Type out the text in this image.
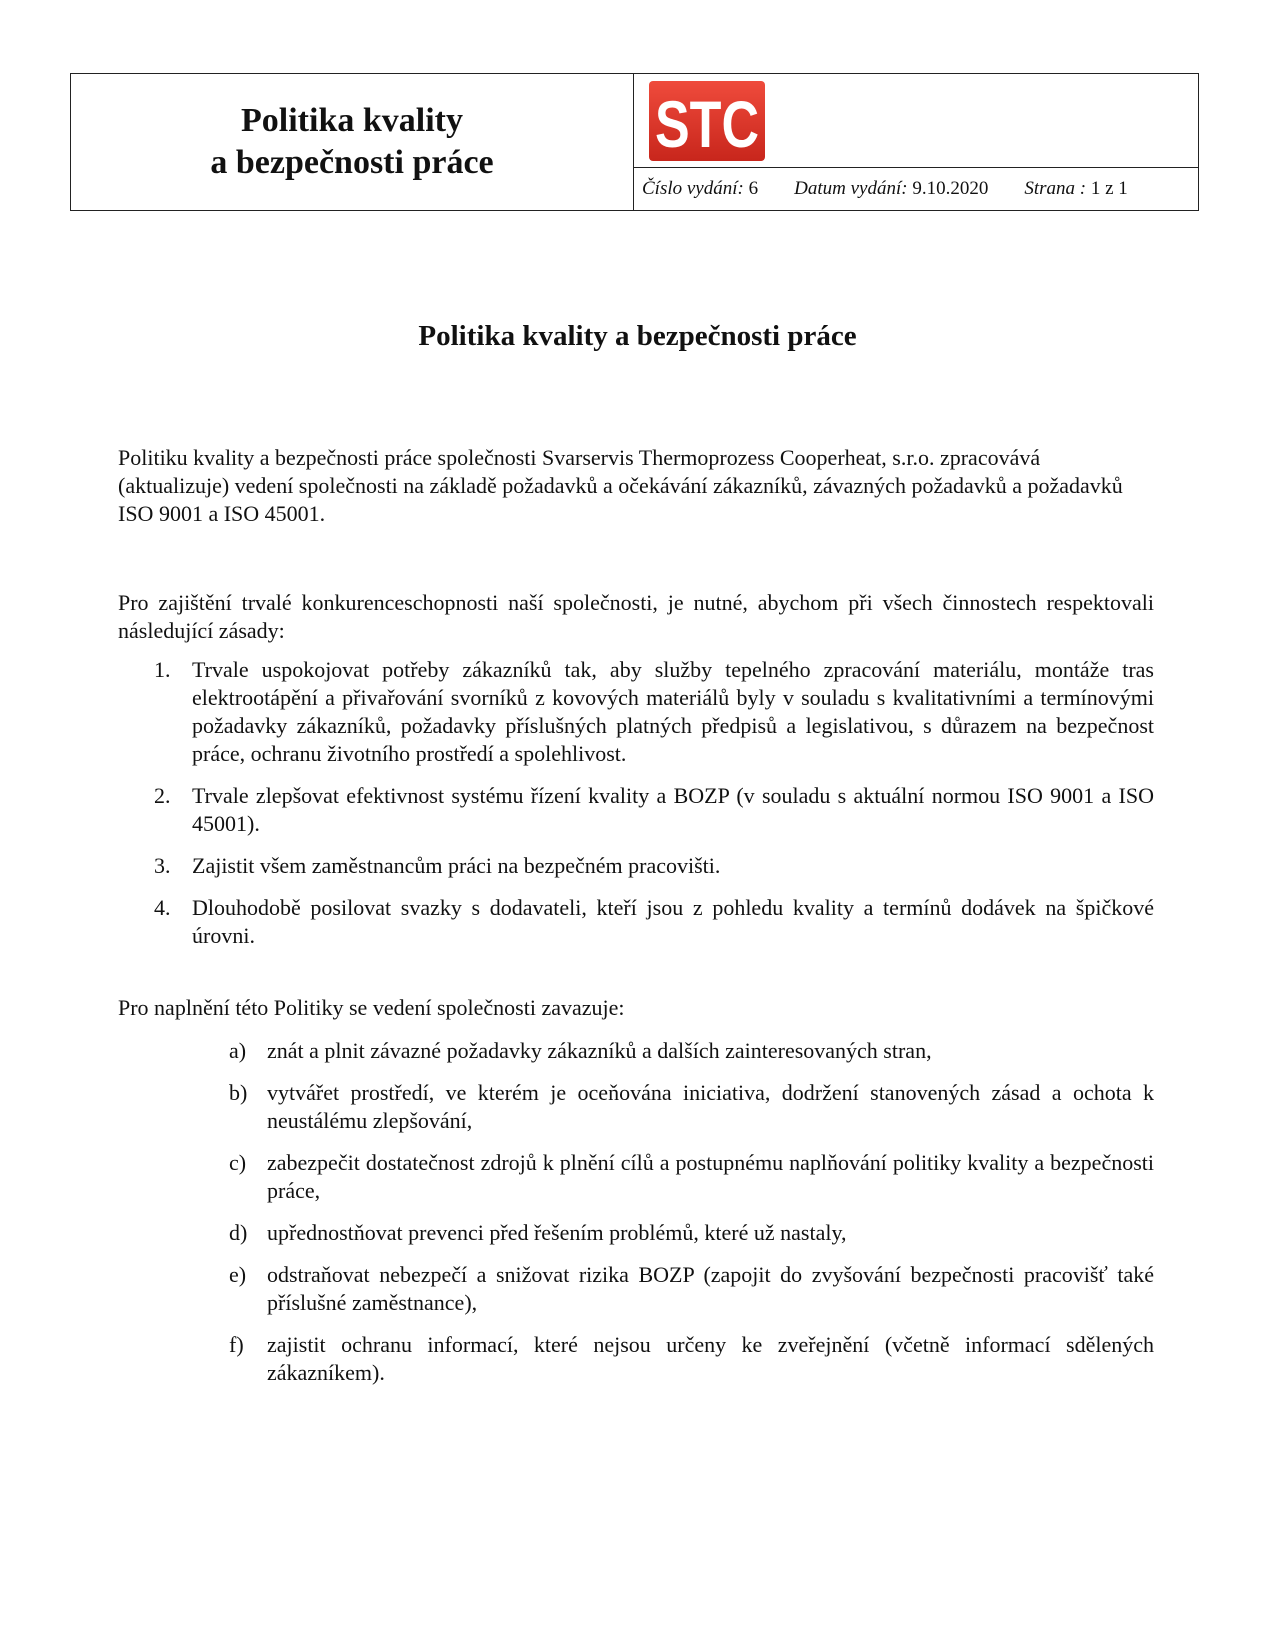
Politika kvality
a bezpečnosti práce
STC
Číslo vydání: 6 Datum vydání: 9.10.2020 Strana : 1 z 1
Politika kvality a bezpečnosti práce
Politiku kvality a bezpečnosti práce společnosti Svarservis Thermoprozess Cooperheat, s.r.o. zpracovává (aktualizuje) vedení společnosti na základě požadavků a očekávání zákazníků, závazných požadavků a požadavků ISO 9001 a ISO 45001.
Pro zajištění trvalé konkurenceschopnosti naší společnosti, je nutné, abychom při všech činnostech respektovali následující zásady:
1. Trvale uspokojovat potřeby zákazníků tak, aby služby tepelného zpracování materiálu, montáže tras elektrootápění a přivařování svorníků z kovových materiálů byly v souladu s kvalitativními a termínovými požadavky zákazníků, požadavky příslušných platných předpisů a legislativou, s důrazem na bezpečnost práce, ochranu životního prostředí a spolehlivost.
2. Trvale zlepšovat efektivnost systému řízení kvality a BOZP (v souladu s aktuální normou ISO 9001 a ISO 45001).
3. Zajistit všem zaměstnancům práci na bezpečném pracovišti.
4. Dlouhodobě posilovat svazky s dodavateli, kteří jsou z pohledu kvality a termínů dodávek na špičkové úrovni.
Pro naplnění této Politiky se vedení společnosti zavazuje:
a) znát a plnit závazné požadavky zákazníků a dalších zainteresovaných stran,
b) vytvářet prostředí, ve kterém je oceňována iniciativa, dodržení stanovených zásad a ochota k neustálému zlepšování,
c) zabezpečit dostatečnost zdrojů k plnění cílů a postupnému naplňování politiky kvality a bezpečnosti práce,
d) upřednostňovat prevenci před řešením problémů, které už nastaly,
e) odstraňovat nebezpečí a snižovat rizika BOZP (zapojit do zvyšování bezpečnosti pracovišť také příslušné zaměstnance),
f) zajistit ochranu informací, které nejsou určeny ke zveřejnění (včetně informací sdělených zákazníkem).
